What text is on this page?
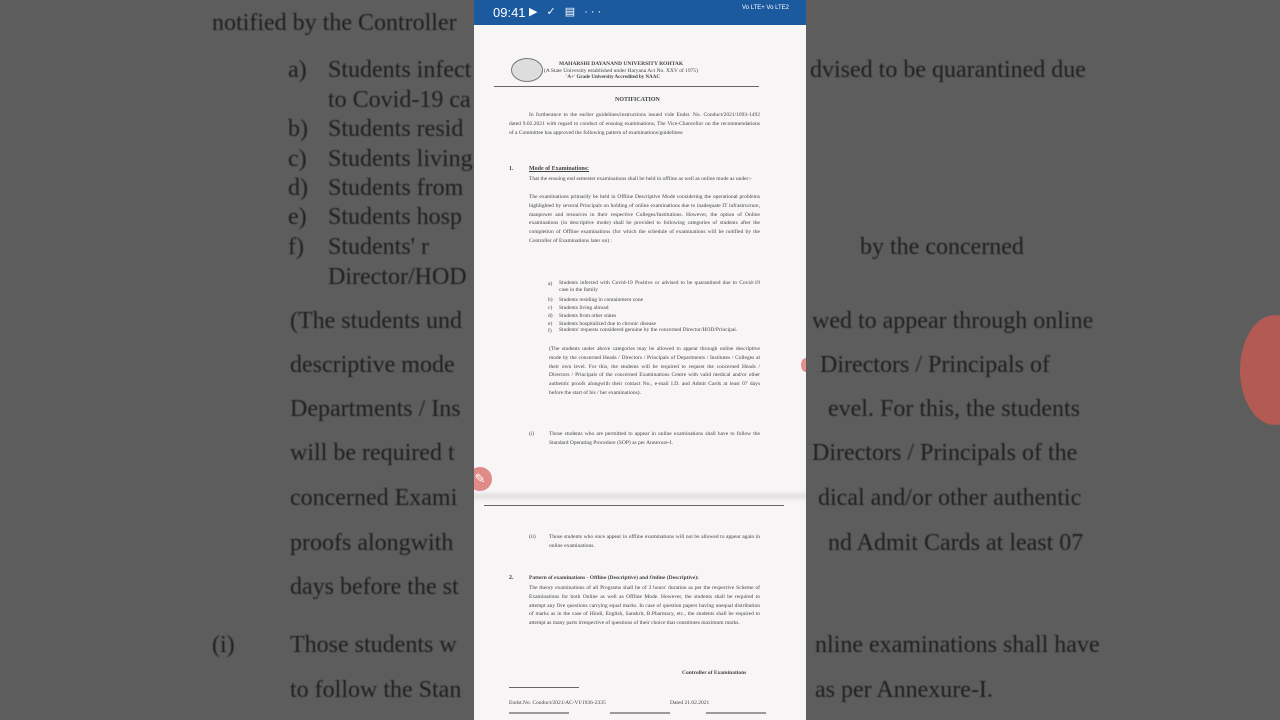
notified by the Controller
a) Students infect	dvised to be quarantined due
to Covid-19 ca
b) Students resid
c) Students living
d) Students from
e) Students hosp
f) Students' r	by the concerned
Director/HOD
(The students und	wed to appear through online
descriptive mode	Directors / Principals of
Departments / Ins	evel. For this, the students
will be required t	Directors / Principals of the
concerned Exami	dical and/or other authentic
proofs alongwith	nd Admit Cards at least 07
days before the st
(i) Those students w	nline examinations shall have
to follow the Stan	as per Annexure-I.
09:41 ▶ ✓ ▤ ···	Vo LTE+ Vo LTE2
MAHARSHI DAYANAND UNIVERSITY ROHTAK
(A State University established under Haryana Act No. XXV of 1975)
'A+' Grade University Accredited by NAAC
NOTIFICATION
In furtherance to the earlier guidelines/instructions issued vide Endst. No. Conduct/2021/1093-1492 dated 9.02.2021 with regard to conduct of ensuing examinations, The Vice-Chancellor on the recommendations of a Committee has approved the following pattern of examinations/guidelines:
1.	Mode of Examinations:
That the ensuing end semester examinations shall be held in offline as well as online mode as under:-
The examinations primarily be held in Offline Descriptive Mode considering the operational problems highlighted by several Principals on holding of online examinations due to inadequate IT infrastructure, manpower and resources in their respective Colleges/Institutions. However, the option of Online examinations (in descriptive mode) shall be provided to following categories of students after the completion of Offline examinations (for which the schedule of examinations will be notified by the Controller of Examinations later on) :
a) Students infected with Covid-19 Positive or advised to be quarantined due to Covid-19 case in the family
b) Students residing in containment zone
c) Students living abroad
d) Students from other states
e) Students hospitalized due to chronic disease
f) Students' requests considered genuine by the concerned Director/HOD/Principal.
(The students under above categories may be allowed to appear through online descriptive mode by the concerned Heads / Directors / Principals of Departments / Institutes / Colleges at their own level. For this, the students will be required to request the concerned Heads / Directors / Principals of the concerned Examinations Centre with valid medical and/or other authentic proofs alongwith their contact No., e-mail I.D. and Admit Cards at least 07 days before the start of his / her examinations).
(i)	Those students who are permitted to appear in online examinations shall have to follow the Standard Operating Procedure (SOP) as per Annexure-I.
(ii) Those students who once appear in offline examinations will not be allowed to appear again in online examinations.
2.	Pattern of examinations - Offline (Descriptive) and Online (Descriptive):
The theory examinations of all Programs shall be of 3 hours' duration as per the respective Scheme of Examinations for both Online as well as Offline Mode. However, the students shall be required to attempt any five questions carrying equal marks. In case of question papers having unequal distribution of marks as in the case of Hindi, English, Sanskrit, B.Pharmacy, etc., the students shall be required to attempt as many parts irrespective of questions of their choice that constitutes maximum marks.
Controller of Examinations
Endst.No. Conduct/2021/AC-VI/1936-2335	Dated 21.02.2021
✎
